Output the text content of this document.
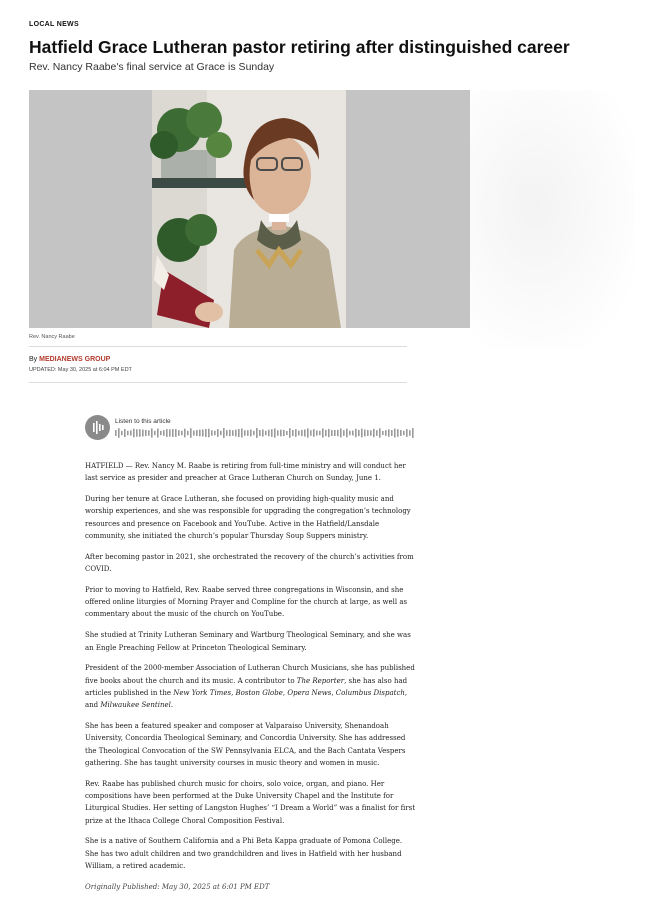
LOCAL NEWS
Hatfield Grace Lutheran pastor retiring after distinguished career

Rev. Nancy Raabe's final service at Grace is Sunday

Rev. Nancy Raabe
By MEDIANEWS GROUP
UPDATED: May 30, 2025 at 6:04 PM EDT
Listen to this article

HATFIELD — Rev. Nancy M. Raabe is retiring from full-time ministry and will conduct her last service as presider and preacher at Grace Lutheran Church on Sunday, June 1.

During her tenure at Grace Lutheran, she focused on providing high-quality music and worship experiences, and she was responsible for upgrading the congregation’s technology resources and presence on Facebook and YouTube. Active in the Hatfield/Lansdale community, she initiated the church’s popular Thursday Soup Suppers ministry.

After becoming pastor in 2021, she orchestrated the recovery of the church’s activities from COVID.

Prior to moving to Hatfield, Rev. Raabe served three congregations in Wisconsin, and she offered online liturgies of Morning Prayer and Compline for the church at large, as well as commentary about the music of the church on YouTube.

She studied at Trinity Lutheran Seminary and Wartburg Theological Seminary, and she was an Engle Preaching Fellow at Princeton Theological Seminary.

President of the 2000-member Association of Lutheran Church Musicians, she has published five books about the church and its music. A contributor to The Reporter, she has also had articles published in the New York Times, Boston Globe, Opera News, Columbus Dispatch, and Milwaukee Sentinel.

She has been a featured speaker and composer at Valparaiso University, Shenandoah University, Concordia Theological Seminary, and Concordia University. She has addressed the Theological Convocation of the SW Pennsylvania ELCA, and the Bach Cantata Vespers gathering. She has taught university courses in music theory and women in music.

Rev. Raabe has published church music for choirs, solo voice, organ, and piano. Her compositions have been performed at the Duke University Chapel and the Institute for Liturgical Studies. Her setting of Langston Hughes’ “I Dream a World” was a finalist for first prize at the Ithaca College Choral Composition Festival.

She is a native of Southern California and a Phi Beta Kappa graduate of Pomona College. She has two adult children and two grandchildren and lives in Hatfield with her husband William, a retired academic.

Originally Published: May 30, 2025 at 6:01 PM EDT
